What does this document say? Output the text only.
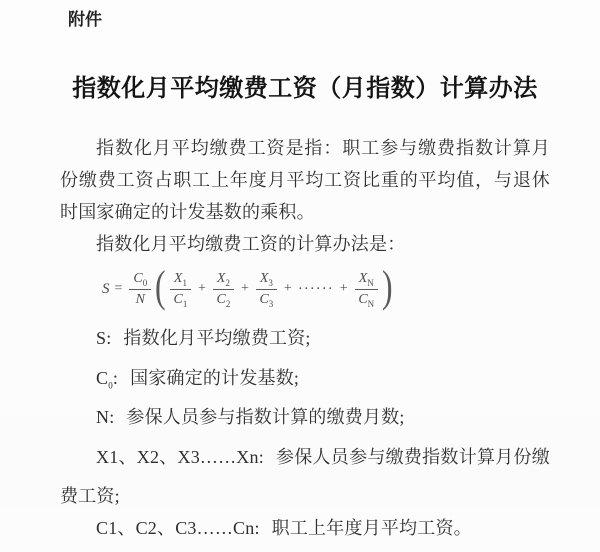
附件
指数化月平均缴费工资（月指数）计算办法

指数化月平均缴费工资是指：职工参与缴费指数计算月份缴费工资占职工上年度月平均工资比重的平均值，与退休时国家确定的计发基数的乘积。

指数化月平均缴费工资的计算办法是：

$S = \frac{C_0}{N}$ ( $\frac{X_1}{C_1} + \frac{X_2}{C_2} + \frac{X_3}{C_3}$ + ······ + $\frac{X_N}{C_N}$ )

S: 指数化月平均缴费工资;

$C_0$: 国家确定的计发基数;

N: 参保人员参与指数计算的缴费月数;

X1、X2、X3……Xn: 参保人员参与缴费指数计算月份缴费工资;

C1、C2、C3……Cn: 职工上年度月平均工资。
